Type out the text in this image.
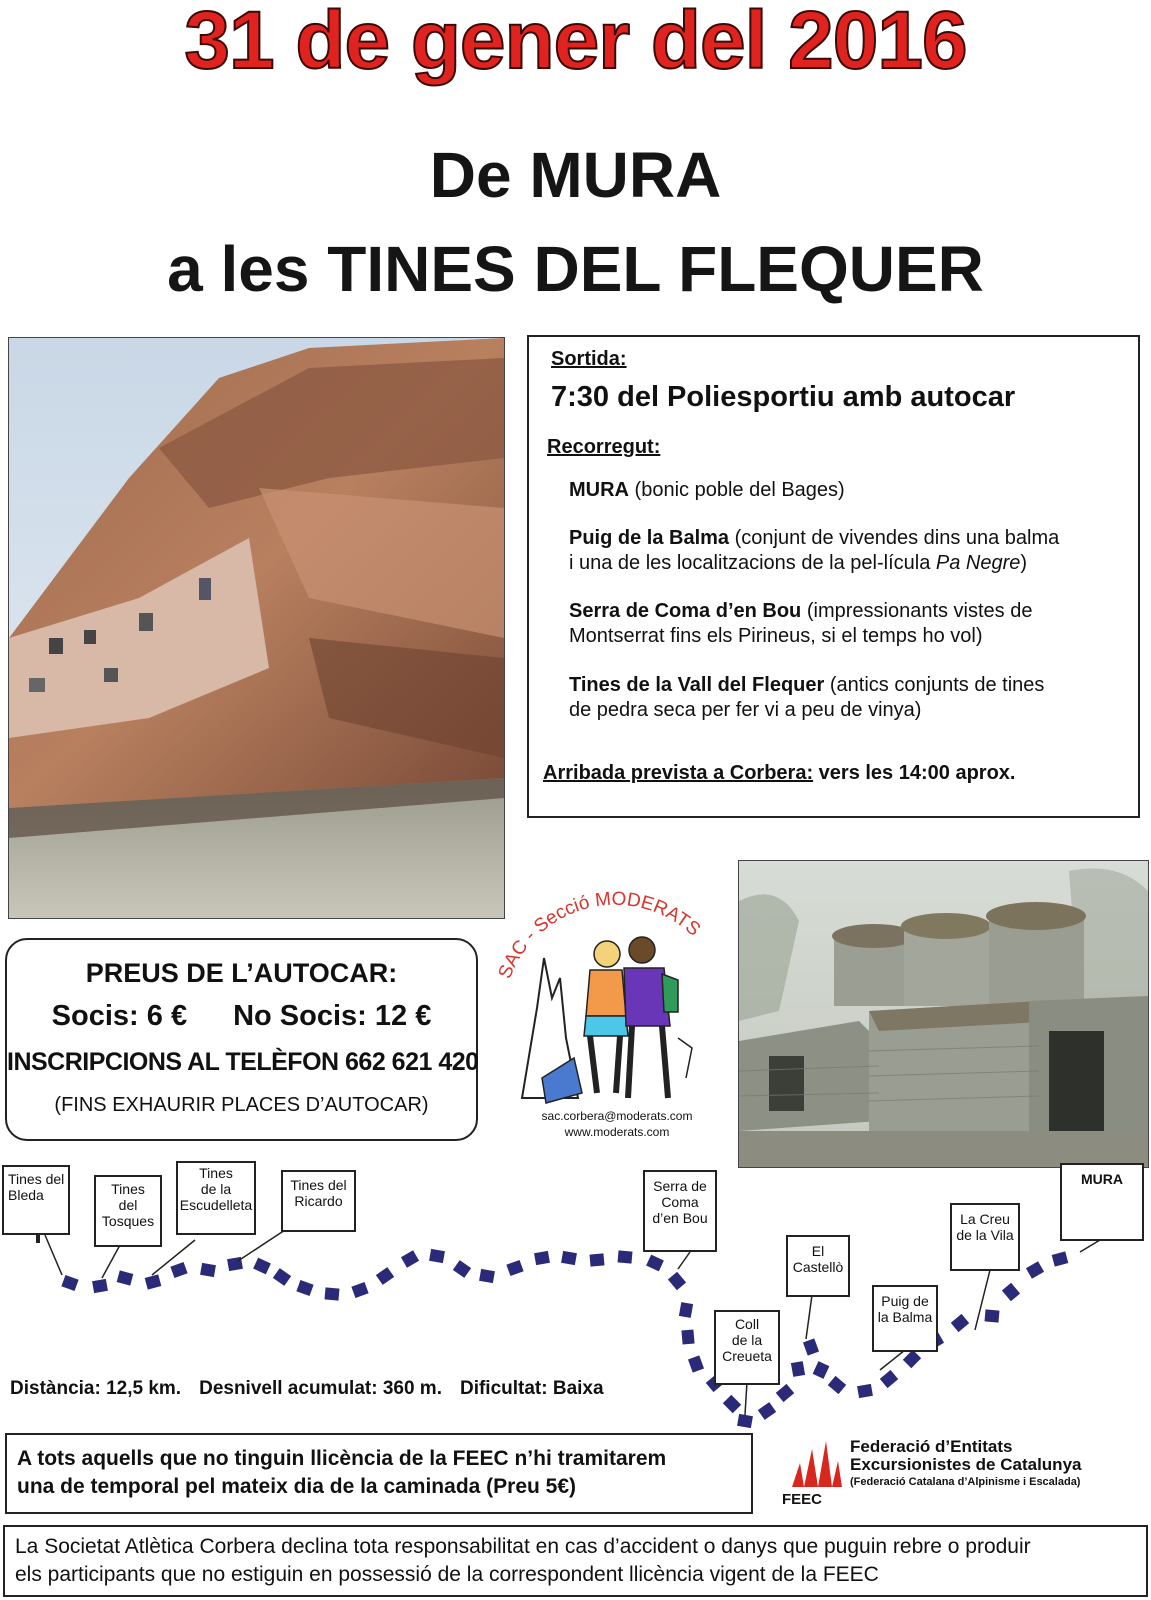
31 de gener del 2016
De MURA
a les TINES DEL FLEQUER
Sortida:
7:30 del Poliesportiu amb autocar
Recorregut:
MURA (bonic poble del Bages)
Puig de la Balma (conjunt de vivendes dins una balma
i una de les localitzacions de la pel-lícula Pa Negre)
Serra de Coma d’en Bou (impressionants vistes de
Montserrat fins els Pirineus, si el temps ho vol)
Tines de la Vall del Flequer (antics conjunts de tines
de pedra seca per fer vi a peu de vinya)
Arribada prevista a Corbera: vers les 14:00 aprox.
PREUS DE L’AUTOCAR:
Socis: 6 € No Socis: 12 €
INSCRIPCIONS AL TELÈFON 662 621 420
(FINS EXHAURIR PLACES D’AUTOCAR)
SAC - Secció MODERATS
sac.corbera@moderats.com
www.moderats.com
Tines del
Bleda	Tines
del
Tosques
Tines
de la
Escudelleta
Tines del
Ricardo
Serra de
Coma
d’en Bou
Coll
de la
Creueta
El
Castellò
Puig de
la Balma
La Creu
de la Vila
MURA
Distància: 12,5 km. Desnivell acumulat: 360 m. Dificultat: Baixa
A tots aquells que no tinguin llicència de la FEEC n’hi tramitarem
una de temporal pel mateix dia de la caminada (Preu 5€)
FEEC
Federació d’Entitats
Excursionistes de Catalunya
(Federació Catalana d’Alpinisme i Escalada)
La Societat Atlètica Corbera declina tota responsabilitat en cas d’accident o danys que puguin rebre o produir
els participants que no estiguin en possessió de la correspondent llicència vigent de la FEEC
